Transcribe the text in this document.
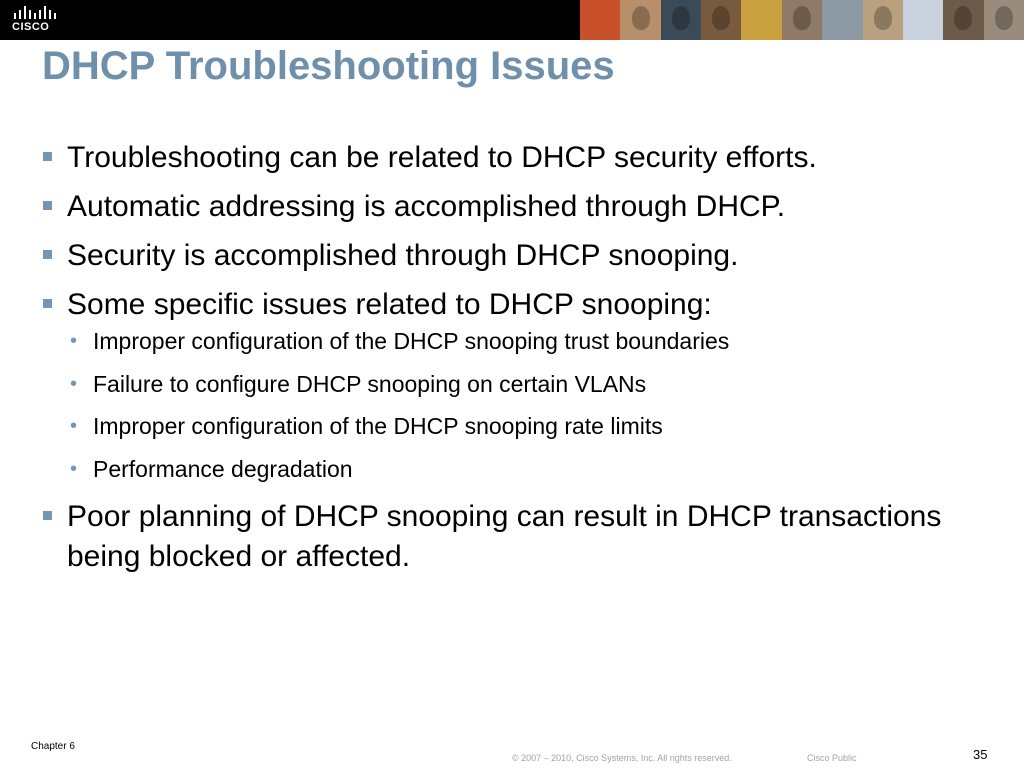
CISCO
DHCP Troubleshooting Issues
Troubleshooting can be related to DHCP security efforts.
Automatic addressing is accomplished through DHCP.
Security is accomplished through DHCP snooping.
Some specific issues related to DHCP snooping:
• Improper configuration of the DHCP snooping trust boundaries
• Failure to configure DHCP snooping on certain VLANs
• Improper configuration of the DHCP snooping rate limits
• Performance degradation
Poor planning of DHCP snooping can result in DHCP transactions being blocked or affected.
Chapter 6
© 2007 – 2010, Cisco Systems, Inc. All rights reserved.	Cisco Public	35
